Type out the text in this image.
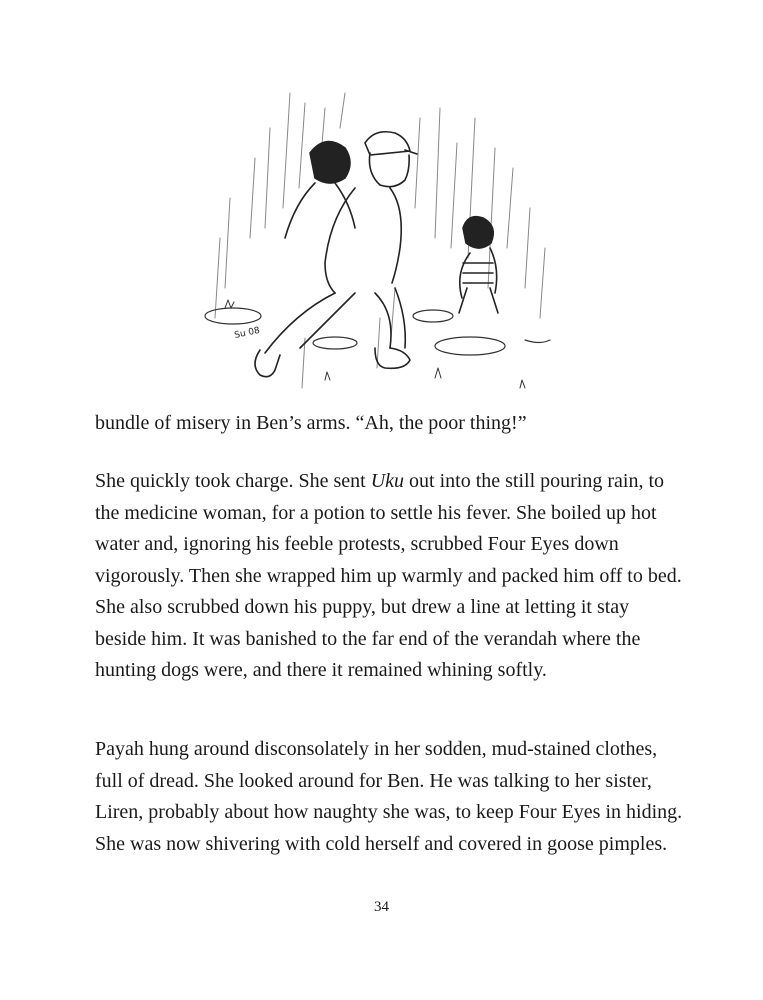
Su 08

bundle of misery in Ben’s arms. “Ah, the poor thing!”

She quickly took charge. She sent Uku out into the still pouring rain, to the medicine woman, for a potion to settle his fever. She boiled up hot water and, ignoring his feeble protests, scrubbed Four Eyes down vigorously. Then she wrapped him up warmly and packed him off to bed. She also scrubbed down his puppy, but drew a line at letting it stay beside him. It was banished to the far end of the verandah where the hunting dogs were, and there it remained whining softly.

Payah hung around disconsolately in her sodden, mud-stained clothes, full of dread. She looked around for Ben. He was talking to her sister, Liren, probably about how naughty she was, to keep Four Eyes in hiding. She was now shivering with cold herself and covered in goose pimples.

34
